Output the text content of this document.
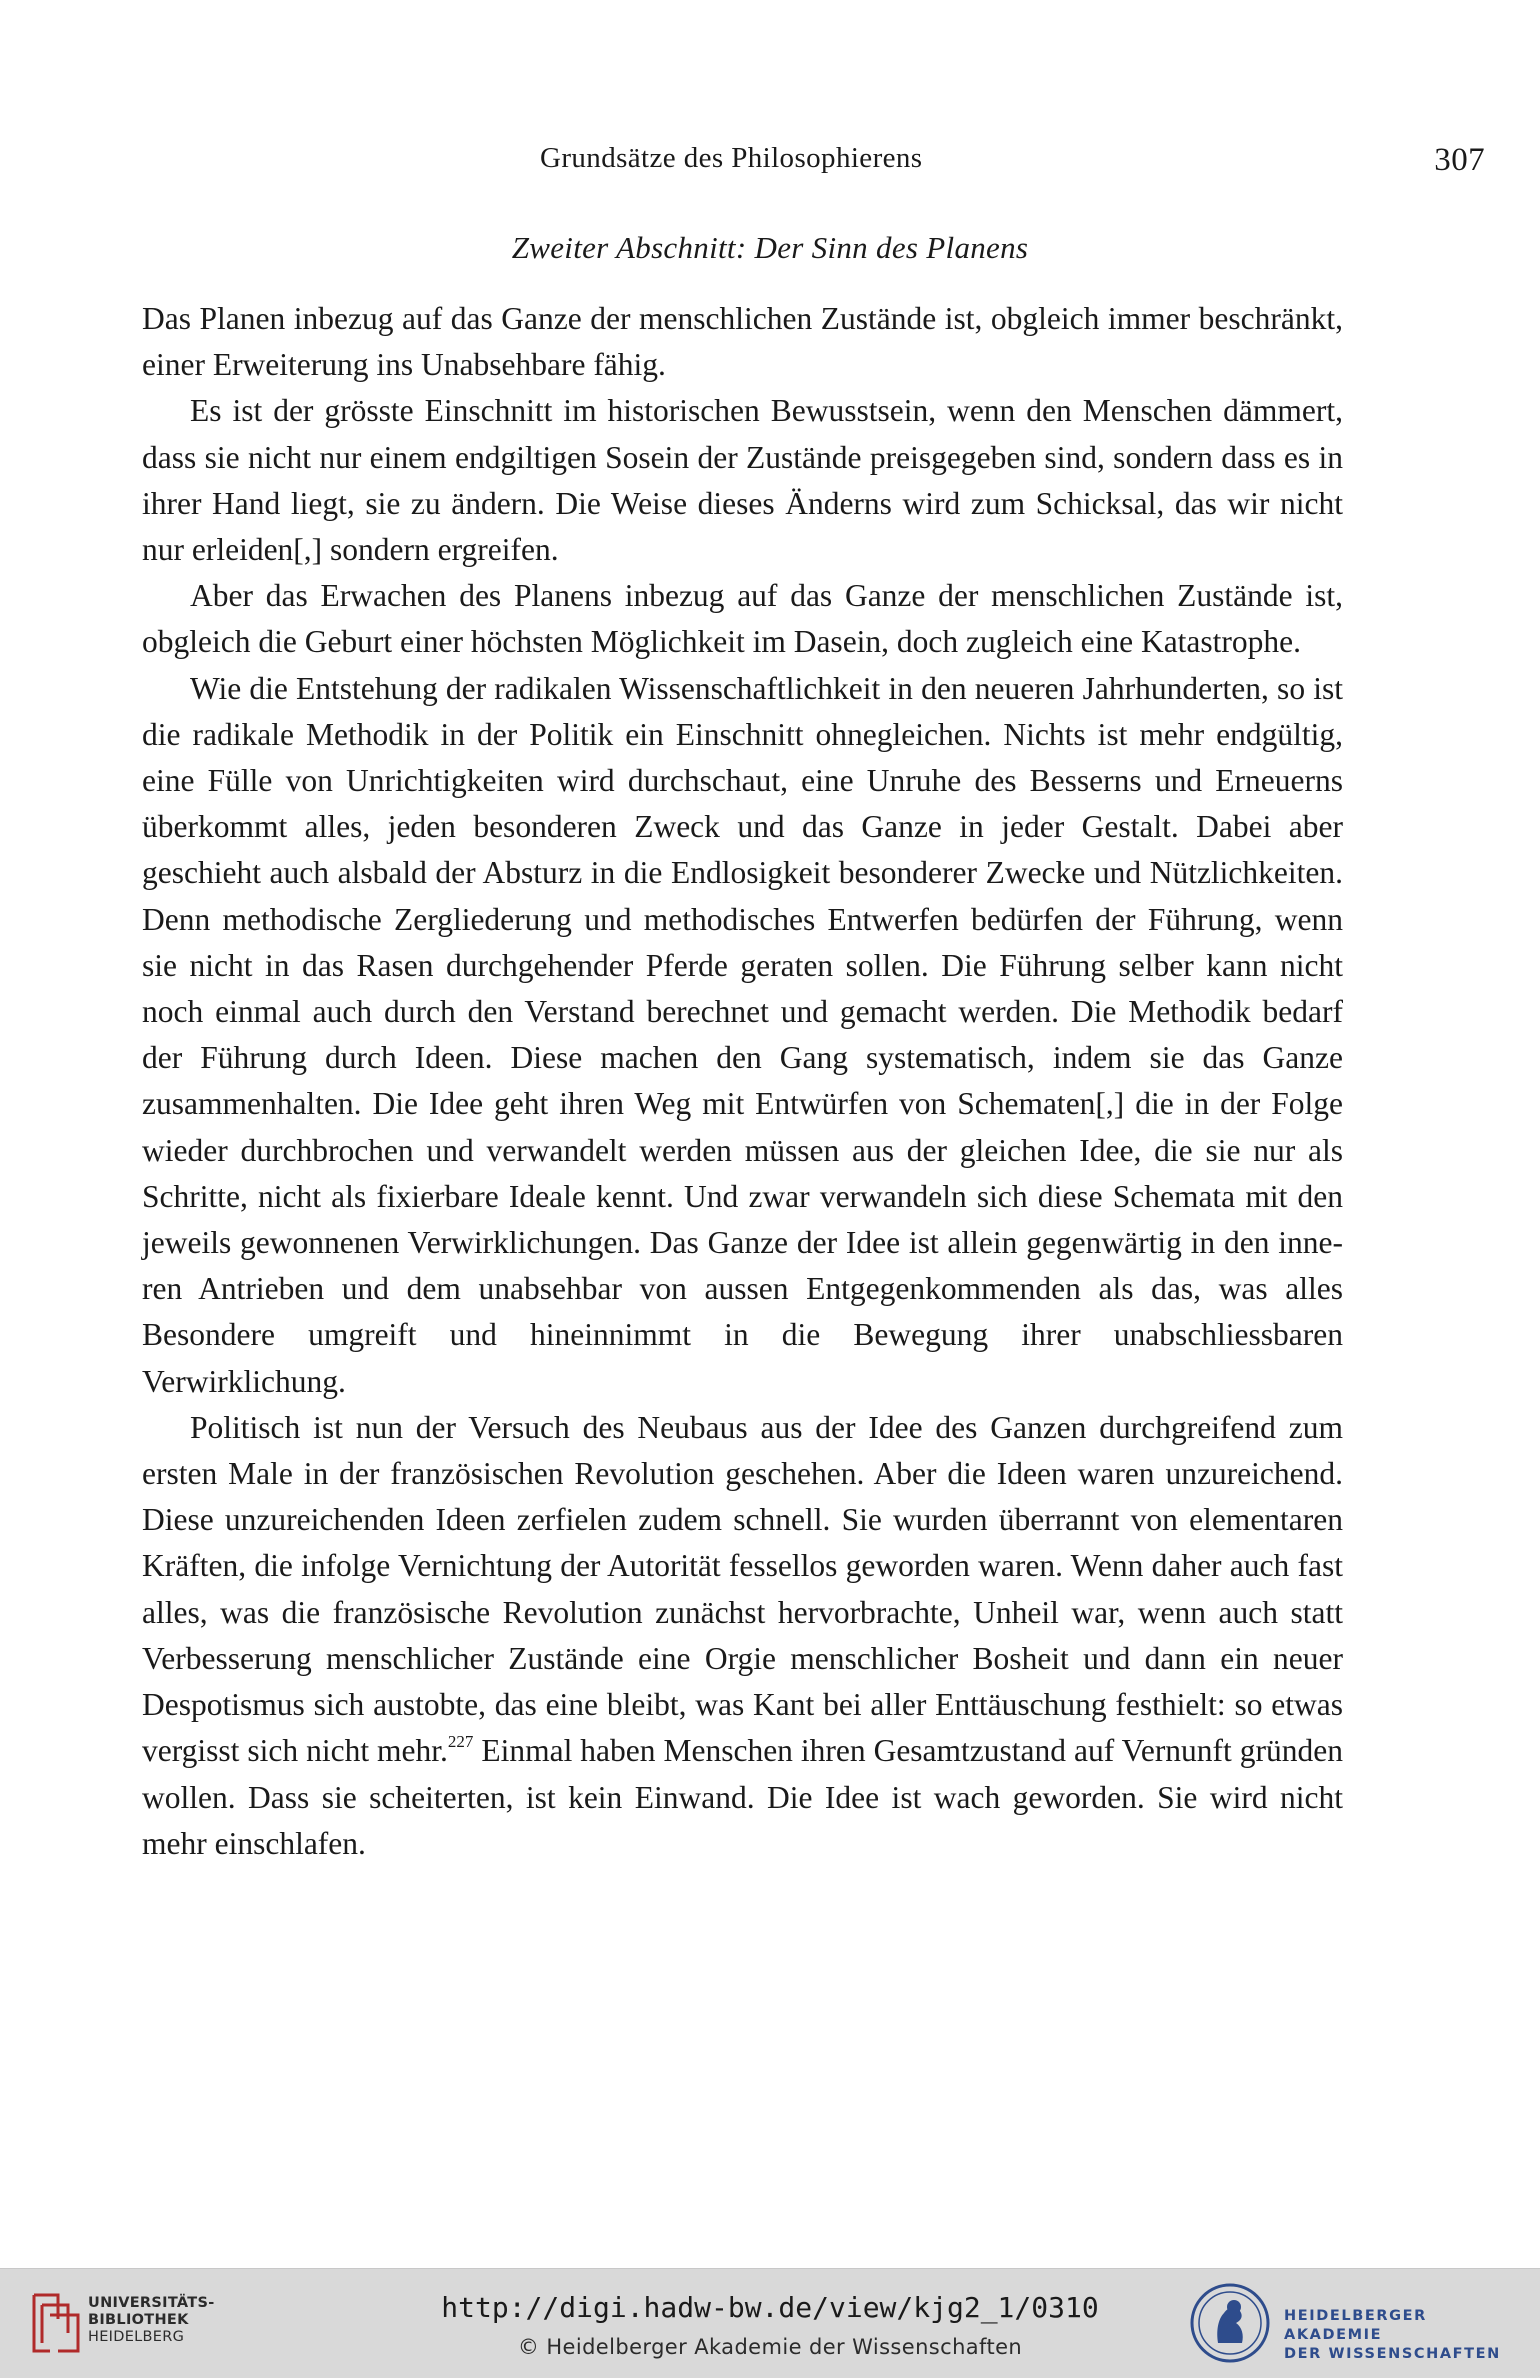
Grundsätze des Philosophierens	307
Zweiter Abschnitt: Der Sinn des Planens

Das Planen inbezug auf das Ganze der menschlichen Zustände ist, obgleich immer beschränkt, einer Erweiterung ins Unabsehbare fähig.

Es ist der grösste Einschnitt im historischen Bewusstsein, wenn den Menschen dämmert, dass sie nicht nur einem endgiltigen Sosein der Zustände preisgegeben sind, sondern dass es in ihrer Hand liegt, sie zu ändern. Die Weise dieses Änderns wird zum Schicksal, das wir nicht nur erleiden[,] sondern ergreifen.

Aber das Erwachen des Planens inbezug auf das Ganze der menschlichen Zustände ist, obgleich die Geburt einer höchsten Möglichkeit im Dasein, doch zugleich eine Katastrophe.

Wie die Entstehung der radikalen Wissenschaftlichkeit in den neueren Jahrhunderten, so ist die radikale Methodik in der Politik ein Einschnitt ohnegleichen. Nichts ist mehr endgültig, eine Fülle von Unrichtigkeiten wird durchschaut, eine Unruhe des Besserns und Erneuerns überkommt alles, jeden besonderen Zweck und das Ganze in jeder Gestalt. Dabei aber geschieht auch alsbald der Absturz in die Endlosigkeit besonderer Zwecke und Nützlichkeiten. Denn methodische Zergliederung und methodisches Entwerfen bedürfen der Führung, wenn sie nicht in das Rasen durchgehender Pferde geraten sollen. Die Führung selber kann nicht noch einmal auch durch den Verstand berechnet und gemacht werden. Die Methodik bedarf der Führung durch Ideen. Diese machen den Gang systematisch, indem sie das Ganze zusammenhalten. Die Idee geht ihren Weg mit Entwürfen von Schematen[,] die in der Folge wieder durchbrochen und verwandelt werden müssen aus der gleichen Idee, die sie nur als Schritte, nicht als fixierbare Ideale kennt. Und zwar verwandeln sich diese Schemata mit den jeweils gewonnenen Verwirklichungen. Das Ganze der Idee ist allein gegenwärtig in den inneren Antrieben und dem unabsehbar von aussen Entgegenkommenden als das, was alles Besondere umgreift und hineinnimmt in die Bewegung ihrer unabschliessbaren Verwirklichung.

Politisch ist nun der Versuch des Neubaus aus der Idee des Ganzen durchgreifend zum ersten Male in der französischen Revolution geschehen. Aber die Ideen waren unzureichend. Diese unzureichenden Ideen zerfielen zudem schnell. Sie wurden überrannt von elementaren Kräften, die infolge Vernichtung der Autorität fessellos geworden waren. Wenn daher auch fast alles, was die französische Revolution zunächst hervorbrachte, Unheil war, wenn auch statt Verbesserung menschlicher Zustände eine Orgie menschlicher Bosheit und dann ein neuer Despotismus sich austobte, das eine bleibt, was Kant bei aller Enttäuschung festhielt: so etwas vergisst sich nicht mehr.$^{227}$ Einmal haben Menschen ihren Gesamtzustand auf Vernunft gründen wollen. Dass sie scheiterten, ist kein Einwand. Die Idee ist wach geworden. Sie wird nicht mehr einschlafen.

UNIVERSITÄTS-
BIBLIOTHEK
HEIDELBERG
http://digi.hadw-bw.de/view/kjg2_1/0310
© Heidelberger Akademie der Wissenschaften
HEIDELBERGER AKADEMIE
DER WISSENSCHAFTEN
